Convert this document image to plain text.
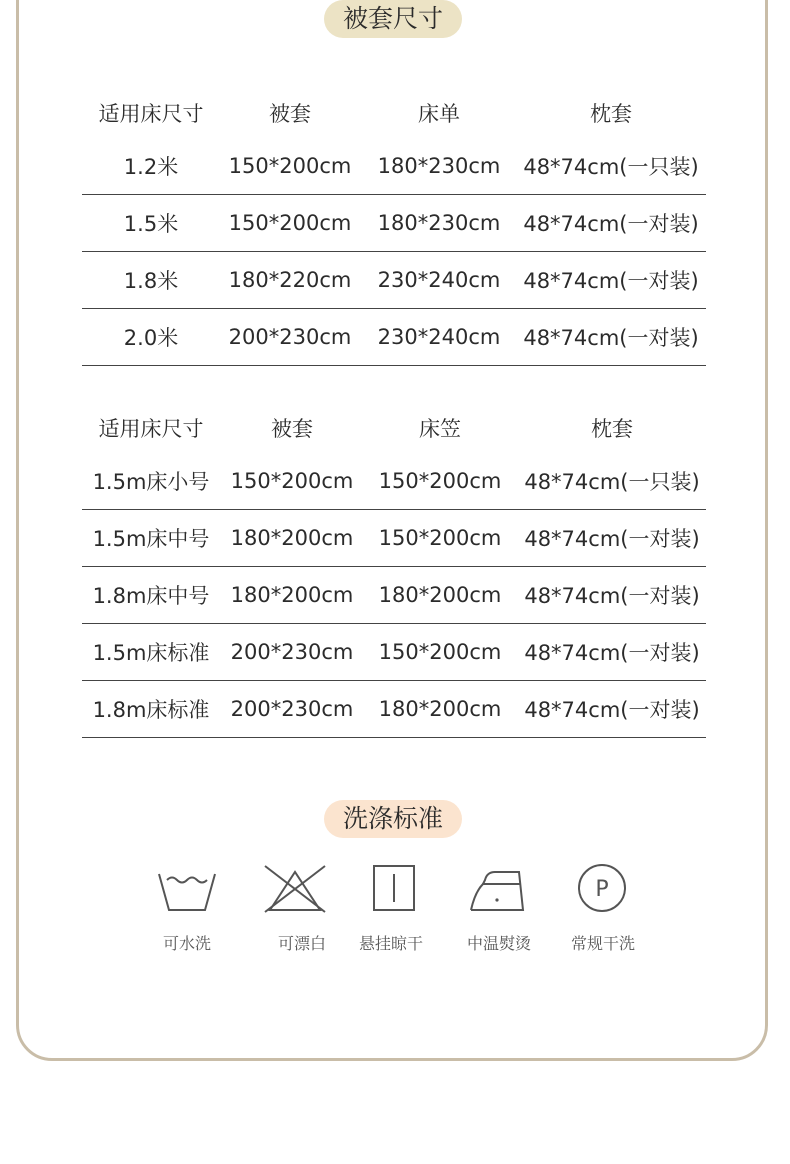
被套尺寸
适用床尺寸	被套	床单	枕套
1.2米	150*200cm	180*230cm	48*74cm(一只装)
1.5米	150*200cm	180*230cm	48*74cm(一对装)
1.8米	180*220cm	230*240cm	48*74cm(一对装)
2.0米	200*230cm	230*240cm	48*74cm(一对装)
适用床尺寸	被套	床笠	枕套
1.5m床小号	150*200cm	150*200cm	48*74cm(一只装)
1.5m床中号	180*200cm	150*200cm	48*74cm(一对装)
1.8m床中号	180*200cm	180*200cm	48*74cm(一对装)
1.5m床标准	200*230cm	150*200cm	48*74cm(一对装)
1.8m床标准	200*230cm	180*200cm	48*74cm(一对装)
洗涤标准
可水洗	可漂白	悬挂晾干	中温熨烫
P
常规干洗
